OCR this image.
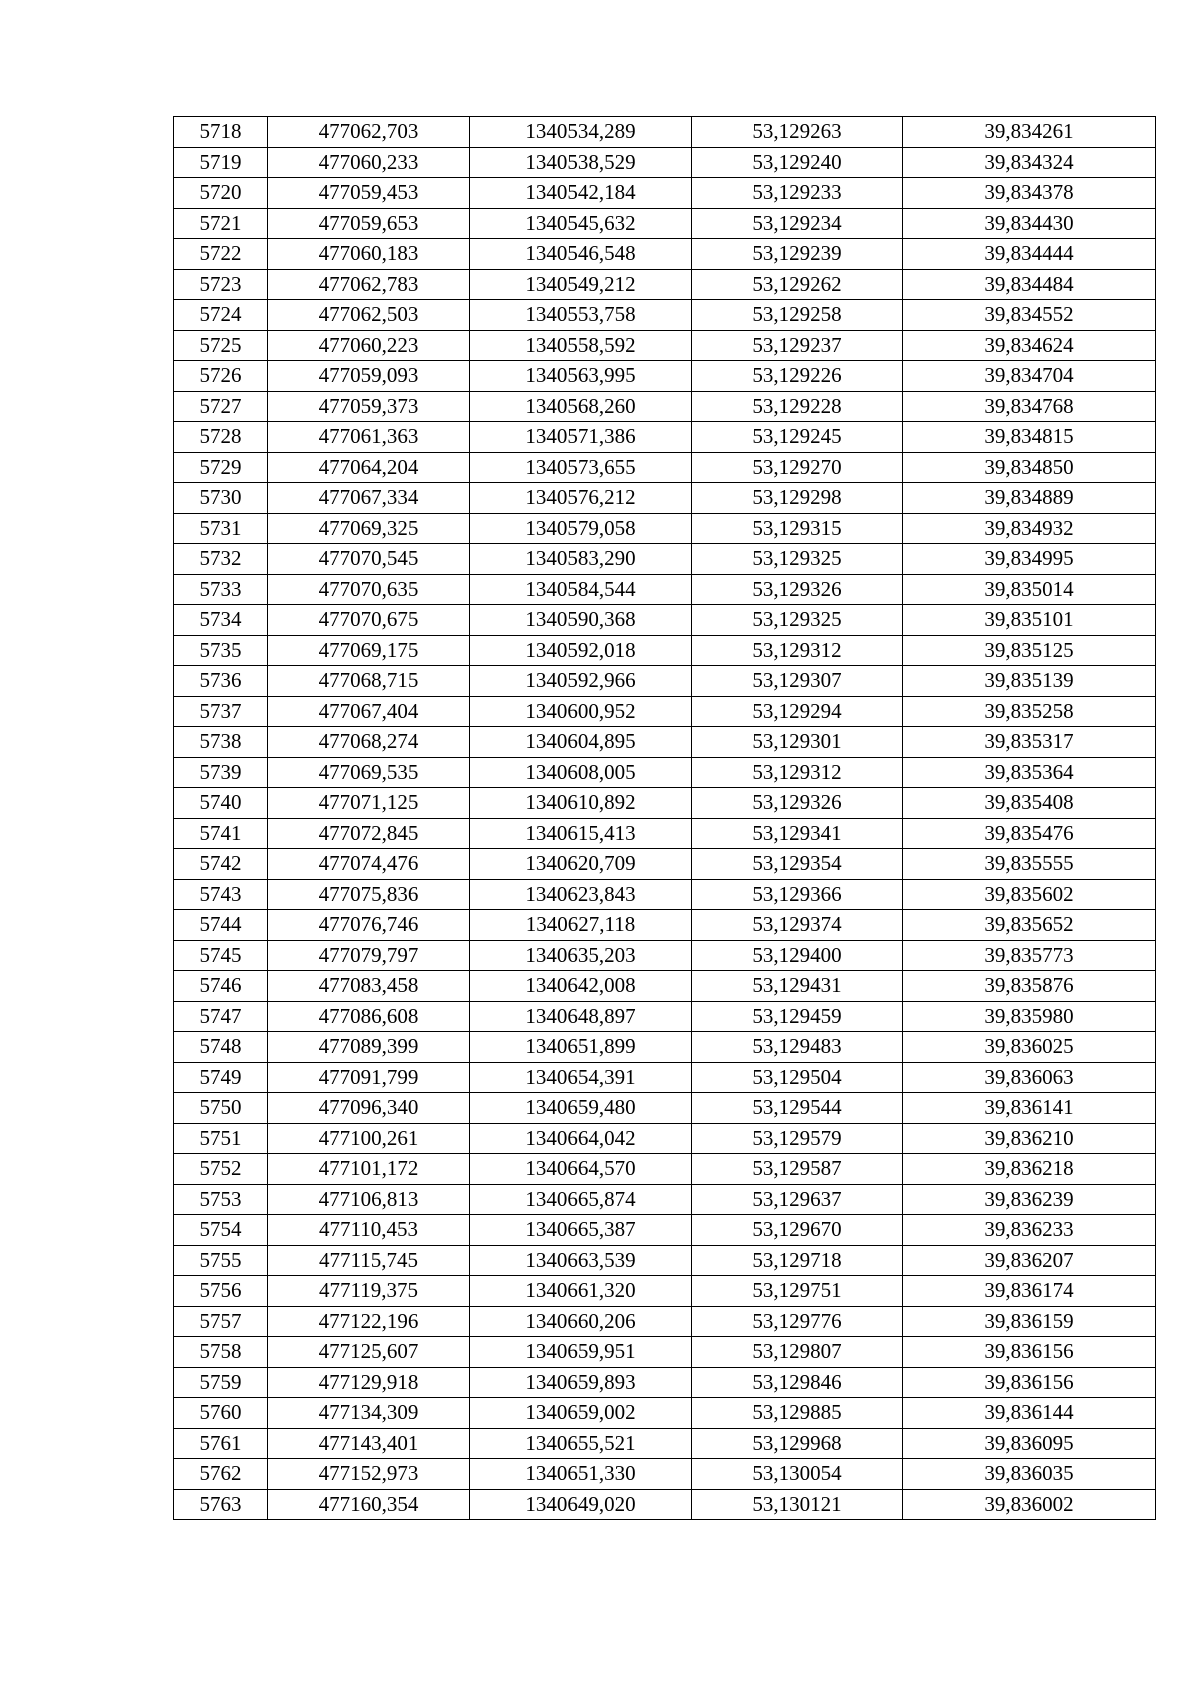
5718	477062,703	1340534,289	53,129263	39,834261
5719	477060,233	1340538,529	53,129240	39,834324
5720	477059,453	1340542,184	53,129233	39,834378
5721	477059,653	1340545,632	53,129234	39,834430
5722	477060,183	1340546,548	53,129239	39,834444
5723	477062,783	1340549,212	53,129262	39,834484
5724	477062,503	1340553,758	53,129258	39,834552
5725	477060,223	1340558,592	53,129237	39,834624
5726	477059,093	1340563,995	53,129226	39,834704
5727	477059,373	1340568,260	53,129228	39,834768
5728	477061,363	1340571,386	53,129245	39,834815
5729	477064,204	1340573,655	53,129270	39,834850
5730	477067,334	1340576,212	53,129298	39,834889
5731	477069,325	1340579,058	53,129315	39,834932
5732	477070,545	1340583,290	53,129325	39,834995
5733	477070,635	1340584,544	53,129326	39,835014
5734	477070,675	1340590,368	53,129325	39,835101
5735	477069,175	1340592,018	53,129312	39,835125
5736	477068,715	1340592,966	53,129307	39,835139
5737	477067,404	1340600,952	53,129294	39,835258
5738	477068,274	1340604,895	53,129301	39,835317
5739	477069,535	1340608,005	53,129312	39,835364
5740	477071,125	1340610,892	53,129326	39,835408
5741	477072,845	1340615,413	53,129341	39,835476
5742	477074,476	1340620,709	53,129354	39,835555
5743	477075,836	1340623,843	53,129366	39,835602
5744	477076,746	1340627,118	53,129374	39,835652
5745	477079,797	1340635,203	53,129400	39,835773
5746	477083,458	1340642,008	53,129431	39,835876
5747	477086,608	1340648,897	53,129459	39,835980
5748	477089,399	1340651,899	53,129483	39,836025
5749	477091,799	1340654,391	53,129504	39,836063
5750	477096,340	1340659,480	53,129544	39,836141
5751	477100,261	1340664,042	53,129579	39,836210
5752	477101,172	1340664,570	53,129587	39,836218
5753	477106,813	1340665,874	53,129637	39,836239
5754	477110,453	1340665,387	53,129670	39,836233
5755	477115,745	1340663,539	53,129718	39,836207
5756	477119,375	1340661,320	53,129751	39,836174
5757	477122,196	1340660,206	53,129776	39,836159
5758	477125,607	1340659,951	53,129807	39,836156
5759	477129,918	1340659,893	53,129846	39,836156
5760	477134,309	1340659,002	53,129885	39,836144
5761	477143,401	1340655,521	53,129968	39,836095
5762	477152,973	1340651,330	53,130054	39,836035
5763	477160,354	1340649,020	53,130121	39,836002
